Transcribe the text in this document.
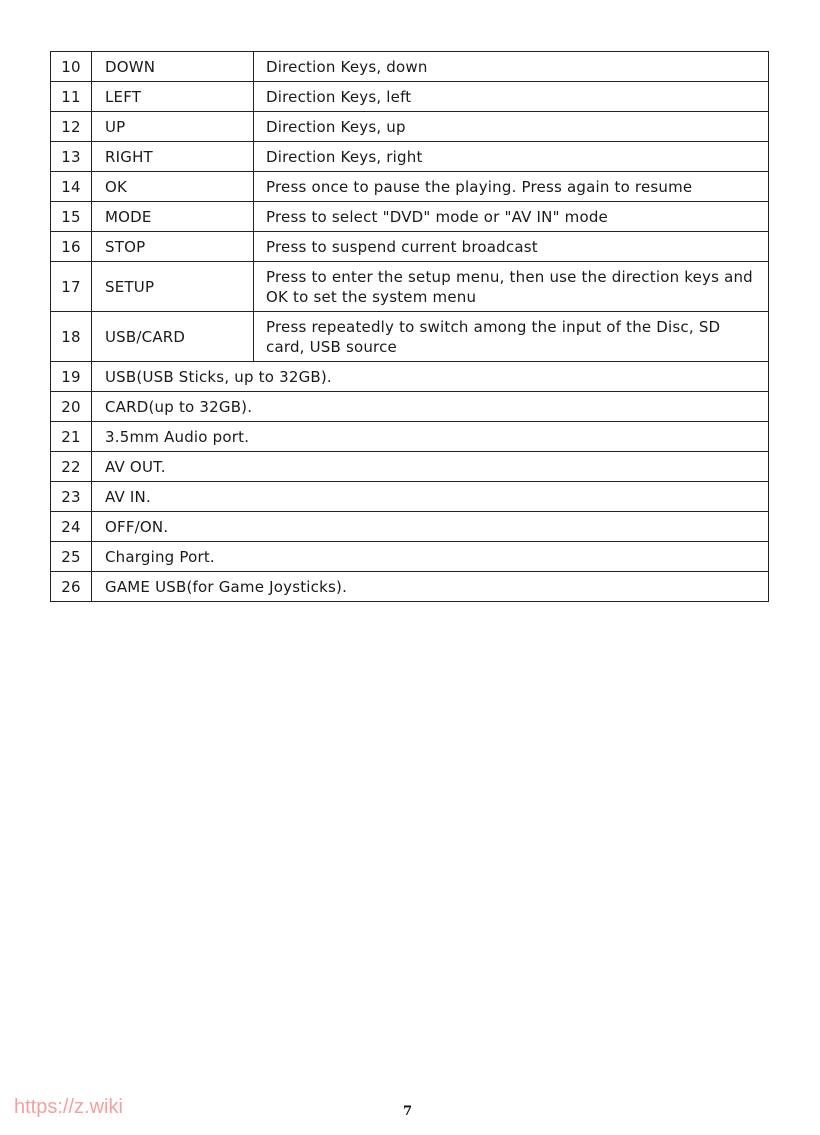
10	DOWN	Direction Keys, down
11	LEFT	Direction Keys, left
12	UP	Direction Keys, up
13	RIGHT	Direction Keys, right
14	OK	Press once to pause the playing. Press again to resume
15	MODE	Press to select "DVD" mode or "AV IN" mode
16	STOP	Press to suspend current broadcast
17	SETUP	Press to enter the setup menu, then use the direction keys and OK to set the system menu
18	USB/CARD	Press repeatedly to switch among the input of the Disc, SD card, USB source
19	USB(USB Sticks, up to 32GB).	
20	CARD(up to 32GB).	
21	3.5mm Audio port.	
22	AV OUT.	
23	AV IN.	
24	OFF/ON.	
25	Charging Port.	
26	GAME USB(for Game Joysticks).	
https://z.wiki	7
